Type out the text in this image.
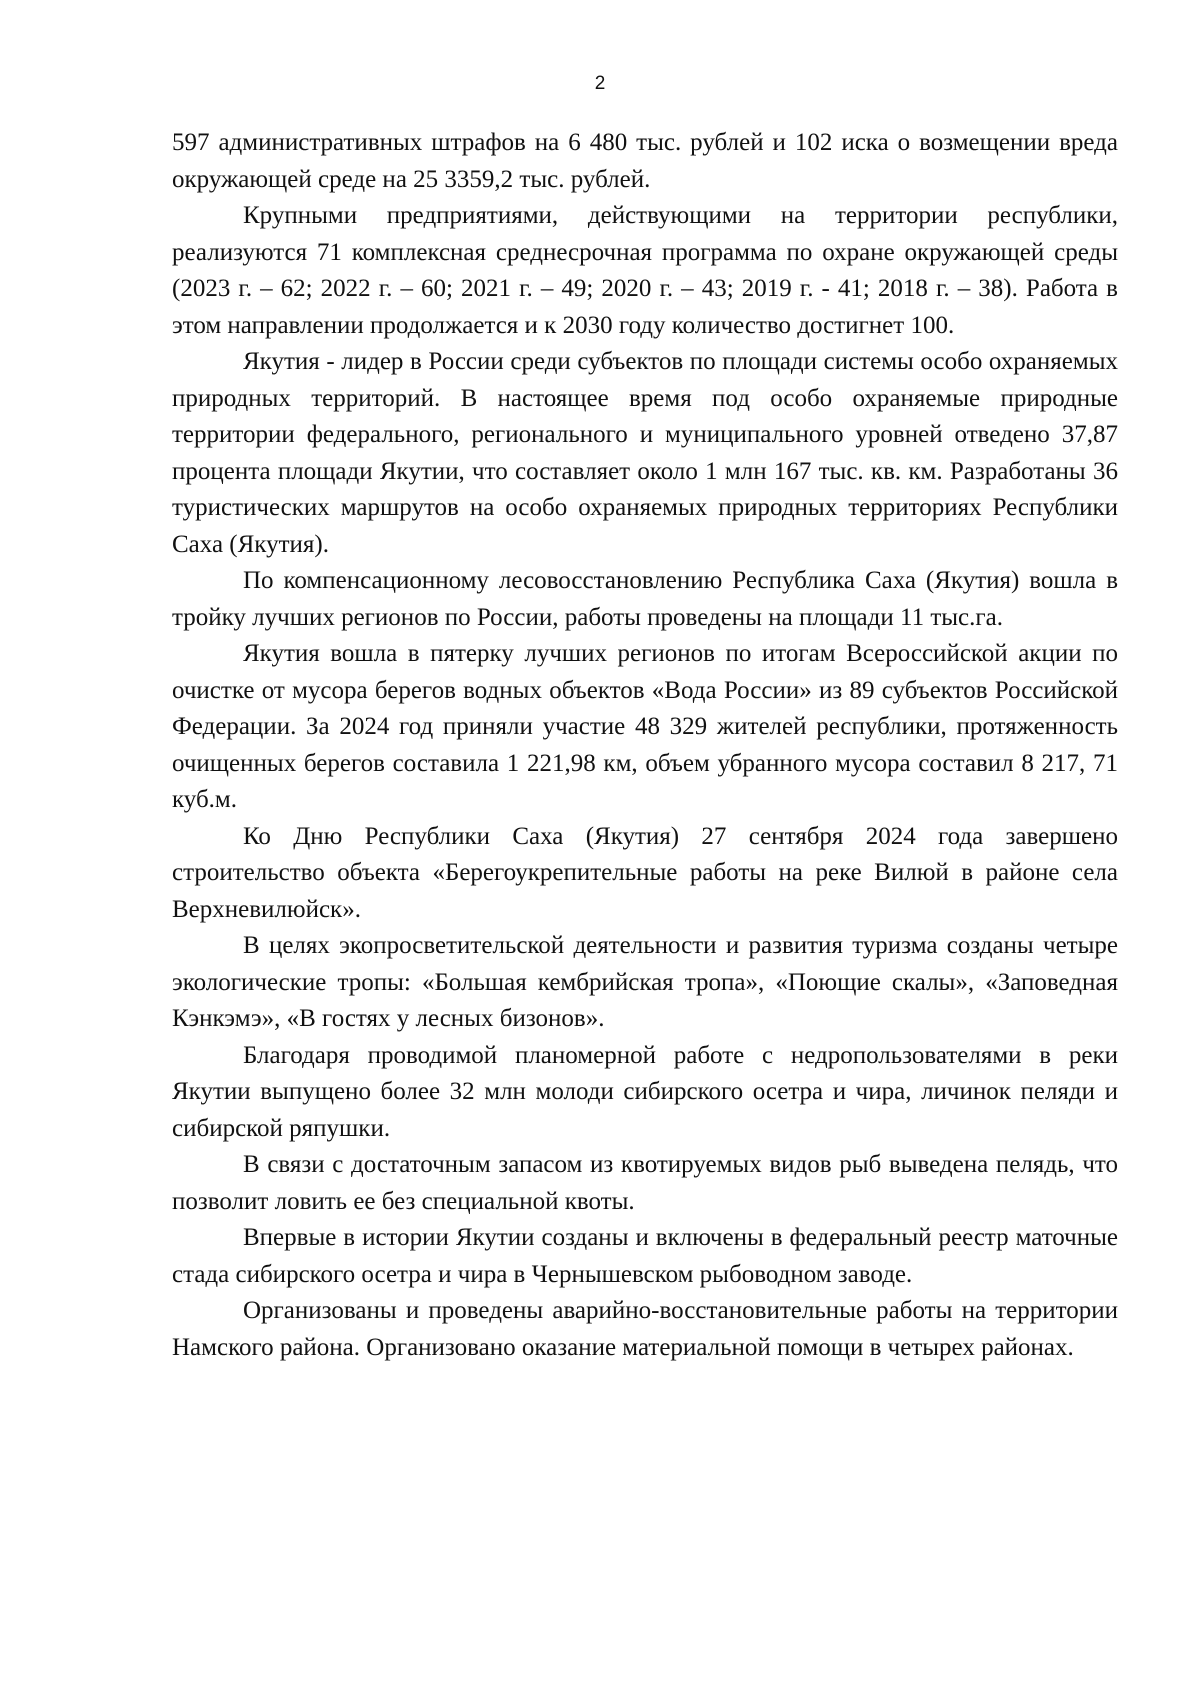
2

597 административных штрафов на 6 480 тыс. рублей и 102 иска о возмещении вреда окружающей среде на 25 3359,2 тыс. рублей.

Крупными предприятиями, действующими на территории республики, реализуются 71 комплексная среднесрочная программа по охране окружающей среды (2023 г. – 62; 2022 г. – 60; 2021 г. – 49; 2020 г. – 43; 2019 г. - 41; 2018 г. – 38). Работа в этом направлении продолжается и к 2030 году количество достигнет 100.

Якутия - лидер в России среди субъектов по площади системы особо охраняемых природных территорий. В настоящее время под особо охраняемые природные территории федерального, регионального и муниципального уровней отведено 37,87 процента площади Якутии, что составляет около 1 млн 167 тыс. кв. км. Разработаны 36 туристических маршрутов на особо охраняемых природных территориях Республики Саха (Якутия).

По компенсационному лесовосстановлению Республика Саха (Якутия) вошла в тройку лучших регионов по России, работы проведены на площади 11 тыс.га.

Якутия вошла в пятерку лучших регионов по итогам Всероссийской акции по очистке от мусора берегов водных объектов «Вода России» из 89 субъектов Российской Федерации. За 2024 год приняли участие 48 329 жителей республики, протяженность очищенных берегов составила 1 221,98 км, объем убранного мусора составил 8 217, 71 куб.м.

Ко Дню Республики Саха (Якутия) 27 сентября 2024 года завершено строительство объекта «Берегоукрепительные работы на реке Вилюй в районе села Верхневилюйск».

В целях экопросветительской деятельности и развития туризма созданы четыре экологические тропы: «Большая кембрийская тропа», «Поющие скалы», «Заповедная Кэнкэмэ», «В гостях у лесных бизонов».

Благодаря проводимой планомерной работе с недропользователями в реки Якутии выпущено более 32 млн молоди сибирского осетра и чира, личинок пеляди и сибирской ряпушки.

В связи с достаточным запасом из квотируемых видов рыб выведена пелядь, что позволит ловить ее без специальной квоты.

Впервые в истории Якутии созданы и включены в федеральный реестр маточные стада сибирского осетра и чира в Чернышевском рыбоводном заводе.

Организованы и проведены аварийно-восстановительные работы на территории Намского района. Организовано оказание материальной помощи в четырех районах.
